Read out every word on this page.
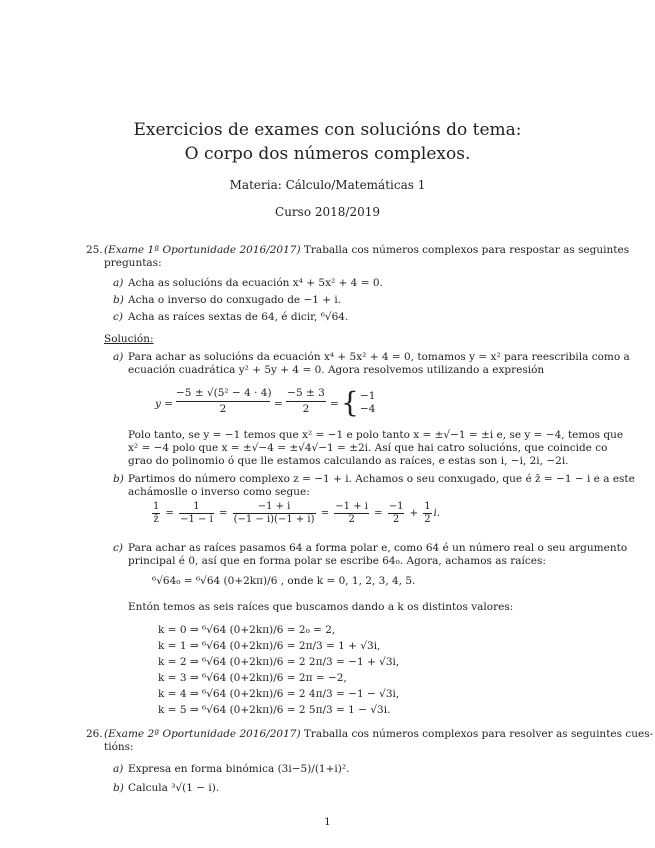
Exercicios de exames con solucións do tema:
O corpo dos números complexos.
Materia: Cálculo/Matemáticas 1
Curso 2018/2019
25. (Exame 1ª Oportunidade 2016/2017) Traballa cos números complexos para respostar as seguintes
preguntas:
a) Acha as solucións da ecuación x⁴ + 5x² + 4 = 0.
b) Acha o inverso do conxugado de −1 + i.
c) Acha as raíces sextas de 64, é dicir, ⁶√64.
Solución:
a) Para achar as solucións da ecuación x⁴ + 5x² + 4 = 0, tomamos y = x² para reescribila como a
ecuación cuadrática y² + 5y + 4 = 0. Agora resolvemos utilizando a expresión
y =
−5 ± √(5² − 4 · 4)
2	=
−5 ± 3
2	= { −1
−4
Polo tanto, se y = −1 temos que x² = −1 e polo tanto x = ±√−1 = ±i e, se y = −4, temos que
x² = −4 polo que x = ±√−4 = ±√4√−1 = ±2i. Así que hai catro solucións, que coincide co
grao do polinomio ó que lle estamos calculando as raíces, e estas son i, −i, 2i, −2i.
b) Partimos do número complexo z = −1 + i. Achamos o seu conxugado, que é z̄ = −1 − i e a este
achámoslle o inverso como segue:
$\frac{1}{z̄} = \frac{1}{-1 - i} = \frac{-1 + i}{(-1 - i)(-1 + i)} = \frac{-1 + i}{2} = \frac{-1}{2} + \frac{1}{2} i$.
c) Para achar as raíces pasamos 64 a forma polar e, como 64 é un número real o seu argumento
principal é 0, así que en forma polar se escribe 64₀. Agora, achamos as raíces:
⁶√64₀ = ⁶√64 (0+2kπ)/6 , onde k = 0, 1, 2, 3, 4, 5.
Entón temos as seis raíces que buscamos dando a k os distintos valores:
k = 0 ⇒ ⁶√64 (0+2kπ)/6 = 2₀ = 2,
k = 1 ⇒ ⁶√64 (0+2kπ)/6 = 2π/3 = 1 + √3i,
k = 2 ⇒ ⁶√64 (0+2kπ)/6 = 2 2π/3 = −1 + √3i,
k = 3 ⇒ ⁶√64 (0+2kπ)/6 = 2π = −2,
k = 4 ⇒ ⁶√64 (0+2kπ)/6 = 2 4π/3 = −1 − √3i,
k = 5 ⇒ ⁶√64 (0+2kπ)/6 = 2 5π/3 = 1 − √3i.
26. (Exame 2ª Oportunidade 2016/2017) Traballa cos números complexos para resolver as seguintes cues-
tións:
a) Expresa en forma binómica (3i−5)/(1+i)².
b) Calcula ³√(1 − i).
1
